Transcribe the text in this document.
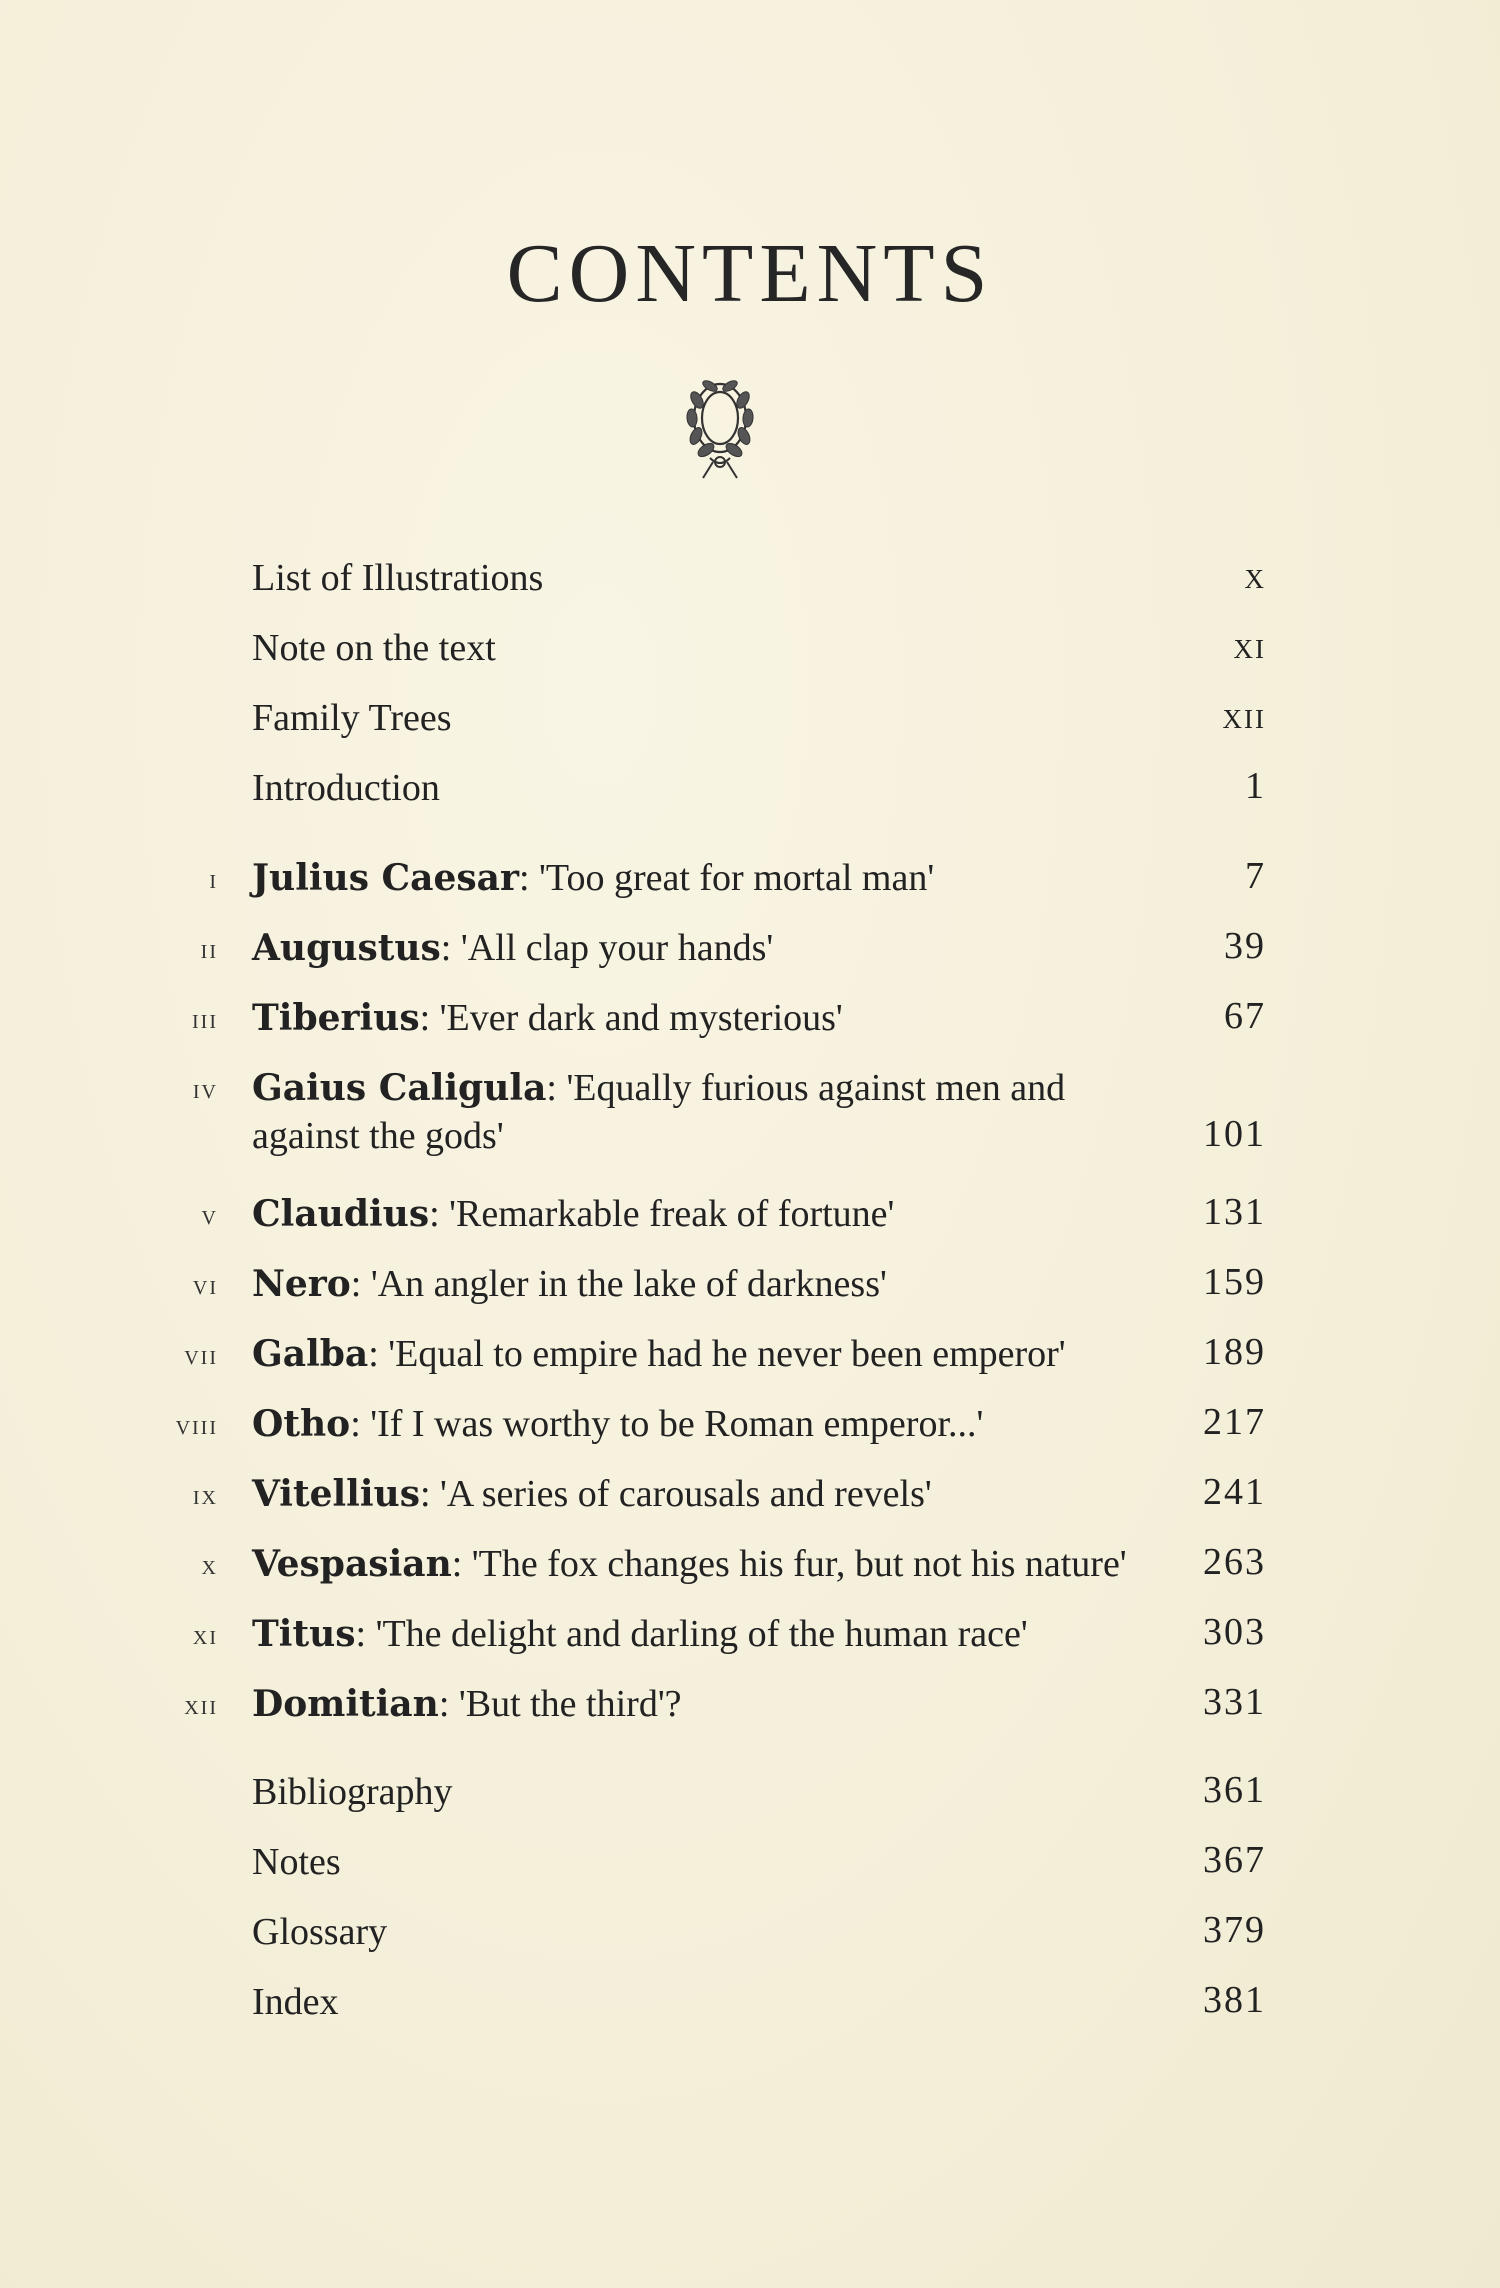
CONTENTS
List of Illustrations	x
Note on the text	xi
Family Trees	xii
Introduction	1
i Julius Caesar: 'Too great for mortal man'	7
ii Augustus: 'All clap your hands'	39
iii Tiberius: 'Ever dark and mysterious'	67
iv Gaius Caligula: 'Equally furious against men and
against the gods'	101
v Claudius: 'Remarkable freak of fortune'	131
vi Nero: 'An angler in the lake of darkness'	159
vii Galba: 'Equal to empire had he never been emperor'	189
viii Otho: 'If I was worthy to be Roman emperor...'	217
ix Vitellius: 'A series of carousals and revels'	241
x Vespasian: 'The fox changes his fur, but not his nature'	263
xi Titus: 'The delight and darling of the human race'	303
xii Domitian: 'But the third'?	331
Bibliography	361
Notes	367
Glossary	379
Index	381
